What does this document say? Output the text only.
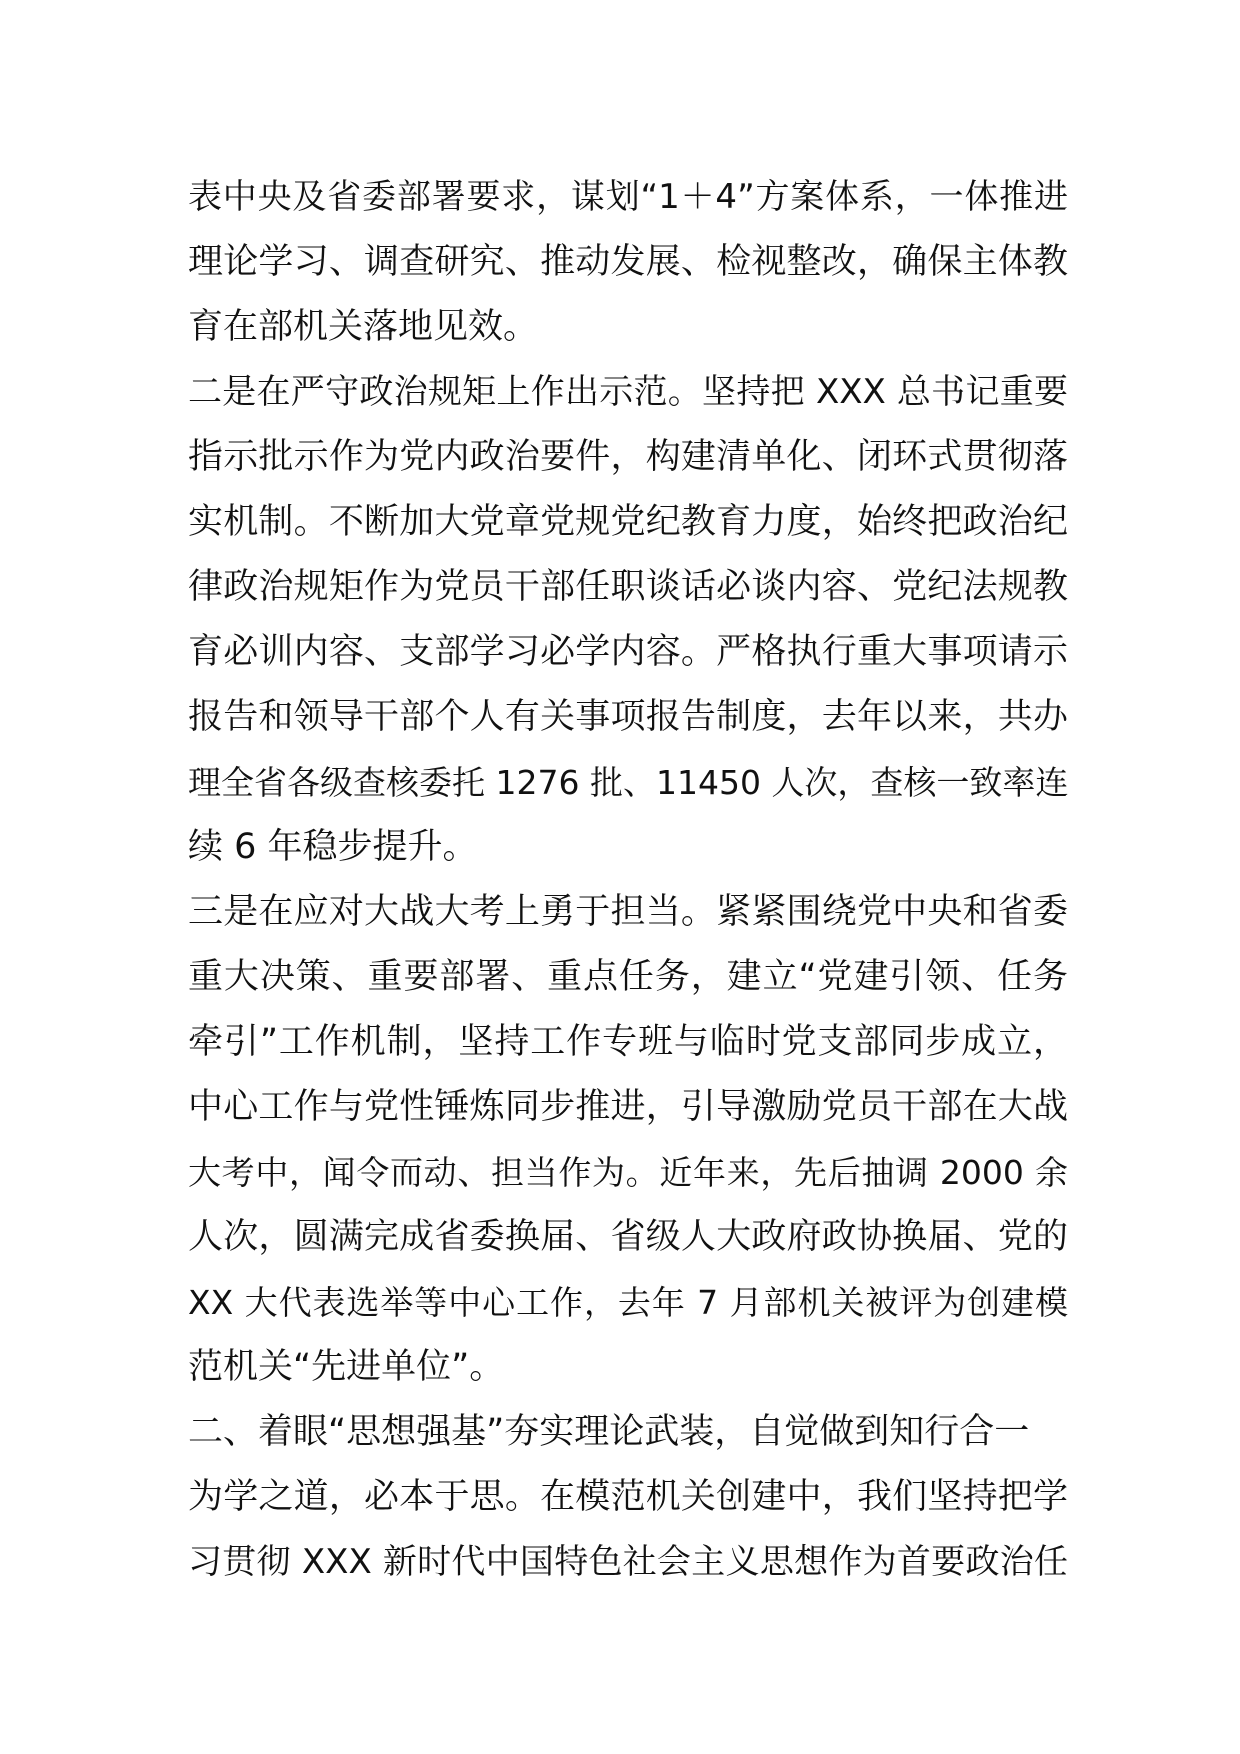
表中央及省委部署要求，谋划“1＋4”方案体系，一体推进
理论学习、调查研究、推动发展、检视整改，确保主体教
育在部机关落地见效。
二是在严守政治规矩上作出示范。坚持把 XXX 总书记重要
指示批示作为党内政治要件，构建清单化、闭环式贯彻落
实机制。不断加大党章党规党纪教育力度，始终把政治纪
律政治规矩作为党员干部任职谈话必谈内容、党纪法规教
育必训内容、支部学习必学内容。严格执行重大事项请示
报告和领导干部个人有关事项报告制度，去年以来，共办
理全省各级查核委托 1276 批、11450 人次，查核一致率连
续 6 年稳步提升。
三是在应对大战大考上勇于担当。紧紧围绕党中央和省委
重大决策、重要部署、重点任务，建立“党建引领、任务
牵引”工作机制，坚持工作专班与临时党支部同步成立，
中心工作与党性锤炼同步推进，引导激励党员干部在大战
大考中，闻令而动、担当作为。近年来，先后抽调 2000 余
人次，圆满完成省委换届、省级人大政府政协换届、党的
XX 大代表选举等中心工作，去年 7 月部机关被评为创建模
范机关“先进单位”。
二、着眼“思想强基”夯实理论武装，自觉做到知行合一
为学之道，必本于思。在模范机关创建中，我们坚持把学
习贯彻 XXX 新时代中国特色社会主义思想作为首要政治任
